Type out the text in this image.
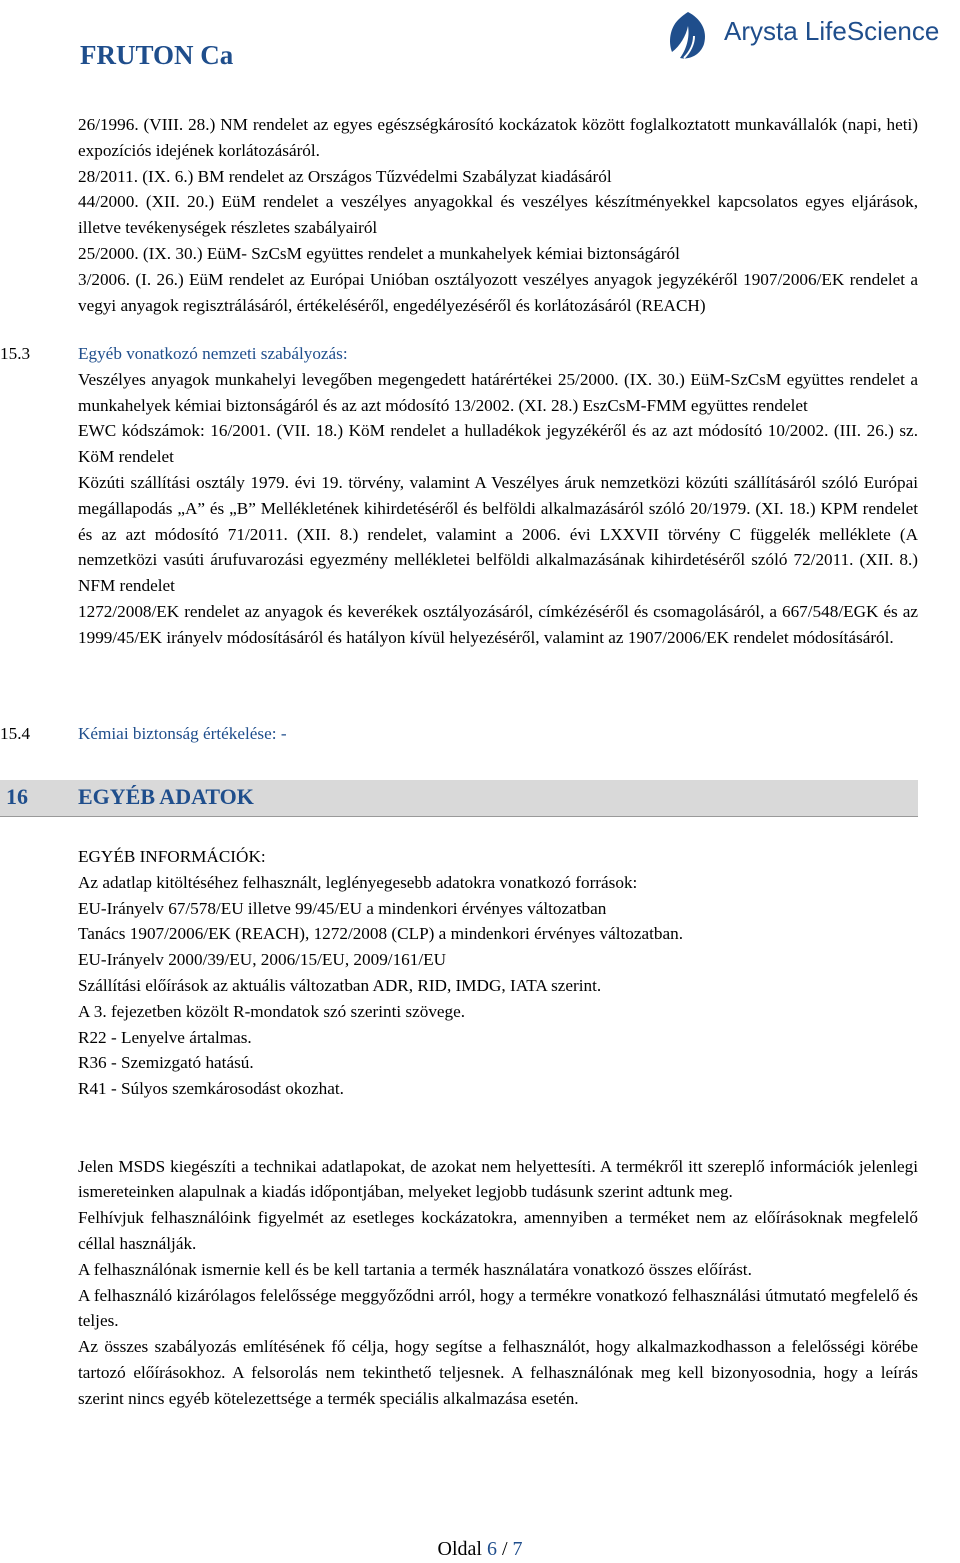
FRUTON Ca
Arysta LifeScience

26/1996. (VIII. 28.) NM rendelet az egyes egészségkárosító kockázatok között foglalkoztatott munkavállalók (napi, heti) expozíciós idejének korlátozásáról.

28/2011. (IX. 6.) BM rendelet az Országos Tűzvédelmi Szabályzat kiadásáról

44/2000. (XII. 20.) EüM rendelet a veszélyes anyagokkal és veszélyes készítményekkel kapcsolatos egyes eljárások, illetve tevékenységek részletes szabályairól

25/2000. (IX. 30.) EüM- SzCsM együttes rendelet a munkahelyek kémiai biztonságáról

3/2006. (I. 26.) EüM rendelet az Európai Unióban osztályozott veszélyes anyagok jegyzékéről 1907/2006/EK rendelet a vegyi anyagok regisztrálásáról, értékeléséről, engedélyezéséről és korlátozásáról (REACH)

15.3	Egyéb vonatkozó nemzeti szabályozás:

Veszélyes anyagok munkahelyi levegőben megengedett határértékei 25/2000. (IX. 30.) EüM-SzCsM együttes rendelet a munkahelyek kémiai biztonságáról és az azt módosító 13/2002. (XI. 28.) EszCsM-FMM együttes rendelet

EWC kódszámok: 16/2001. (VII. 18.) KöM rendelet a hulladékok jegyzékéről és az azt módosító 10/2002. (III. 26.) sz. KöM rendelet

Közúti szállítási osztály 1979. évi 19. törvény, valamint A Veszélyes áruk nemzetközi közúti szállításáról szóló Európai megállapodás „A” és „B” Mellékletének kihirdetéséről és belföldi alkalmazásáról szóló 20/1979. (XI. 18.) KPM rendelet és az azt módosító 71/2011. (XII. 8.) rendelet, valamint a 2006. évi LXXVII törvény C függelék melléklete (A nemzetközi vasúti árufuvarozási egyezmény mellékletei belföldi alkalmazásának kihirdetéséről szóló 72/2011. (XII. 8.) NFM rendelet

1272/2008/EK rendelet az anyagok és keverékek osztályozásáról, címkézéséről és csomagolásáról, a 667/548/EGK és az 1999/45/EK irányelv módosításáról és hatályon kívül helyezéséről, valamint az 1907/2006/EK rendelet módosításáról.

15.4	Kémiai biztonság értékelése: -
16 EGYÉB ADATOK

EGYÉB INFORMÁCIÓK:

Az adatlap kitöltéséhez felhasznált, leglényegesebb adatokra vonatkozó források:

EU-Irányelv 67/578/EU illetve 99/45/EU a mindenkori érvényes változatban

Tanács 1907/2006/EK (REACH), 1272/2008 (CLP) a mindenkori érvényes változatban.

EU-Irányelv 2000/39/EU, 2006/15/EU, 2009/161/EU

Szállítási előírások az aktuális változatban ADR, RID, IMDG, IATA szerint.

A 3. fejezetben közölt R-mondatok szó szerinti szövege.

R22 - Lenyelve ártalmas.

R36 - Szemizgató hatású.

R41 - Súlyos szemkárosodást okozhat.

Jelen MSDS kiegészíti a technikai adatlapokat, de azokat nem helyettesíti. A termékről itt szereplő információk jelenlegi ismereteinken alapulnak a kiadás időpontjában, melyeket legjobb tudásunk szerint adtunk meg.

Felhívjuk felhasználóink figyelmét az esetleges kockázatokra, amennyiben a terméket nem az előírásoknak megfelelő céllal használják.

A felhasználónak ismernie kell és be kell tartania a termék használatára vonatkozó összes előírást.

A felhasználó kizárólagos felelőssége meggyőződni arról, hogy a termékre vonatkozó felhasználási útmutató megfelelő és teljes.

Az összes szabályozás említésének fő célja, hogy segítse a felhasználót, hogy alkalmazkodhasson a felelősségi körébe tartozó előírásokhoz. A felsorolás nem tekinthető teljesnek. A felhasználónak meg kell bizonyosodnia, hogy a leírás szerint nincs egyéb kötelezettsége a termék speciális alkalmazása esetén.

Oldal 6 / 7
